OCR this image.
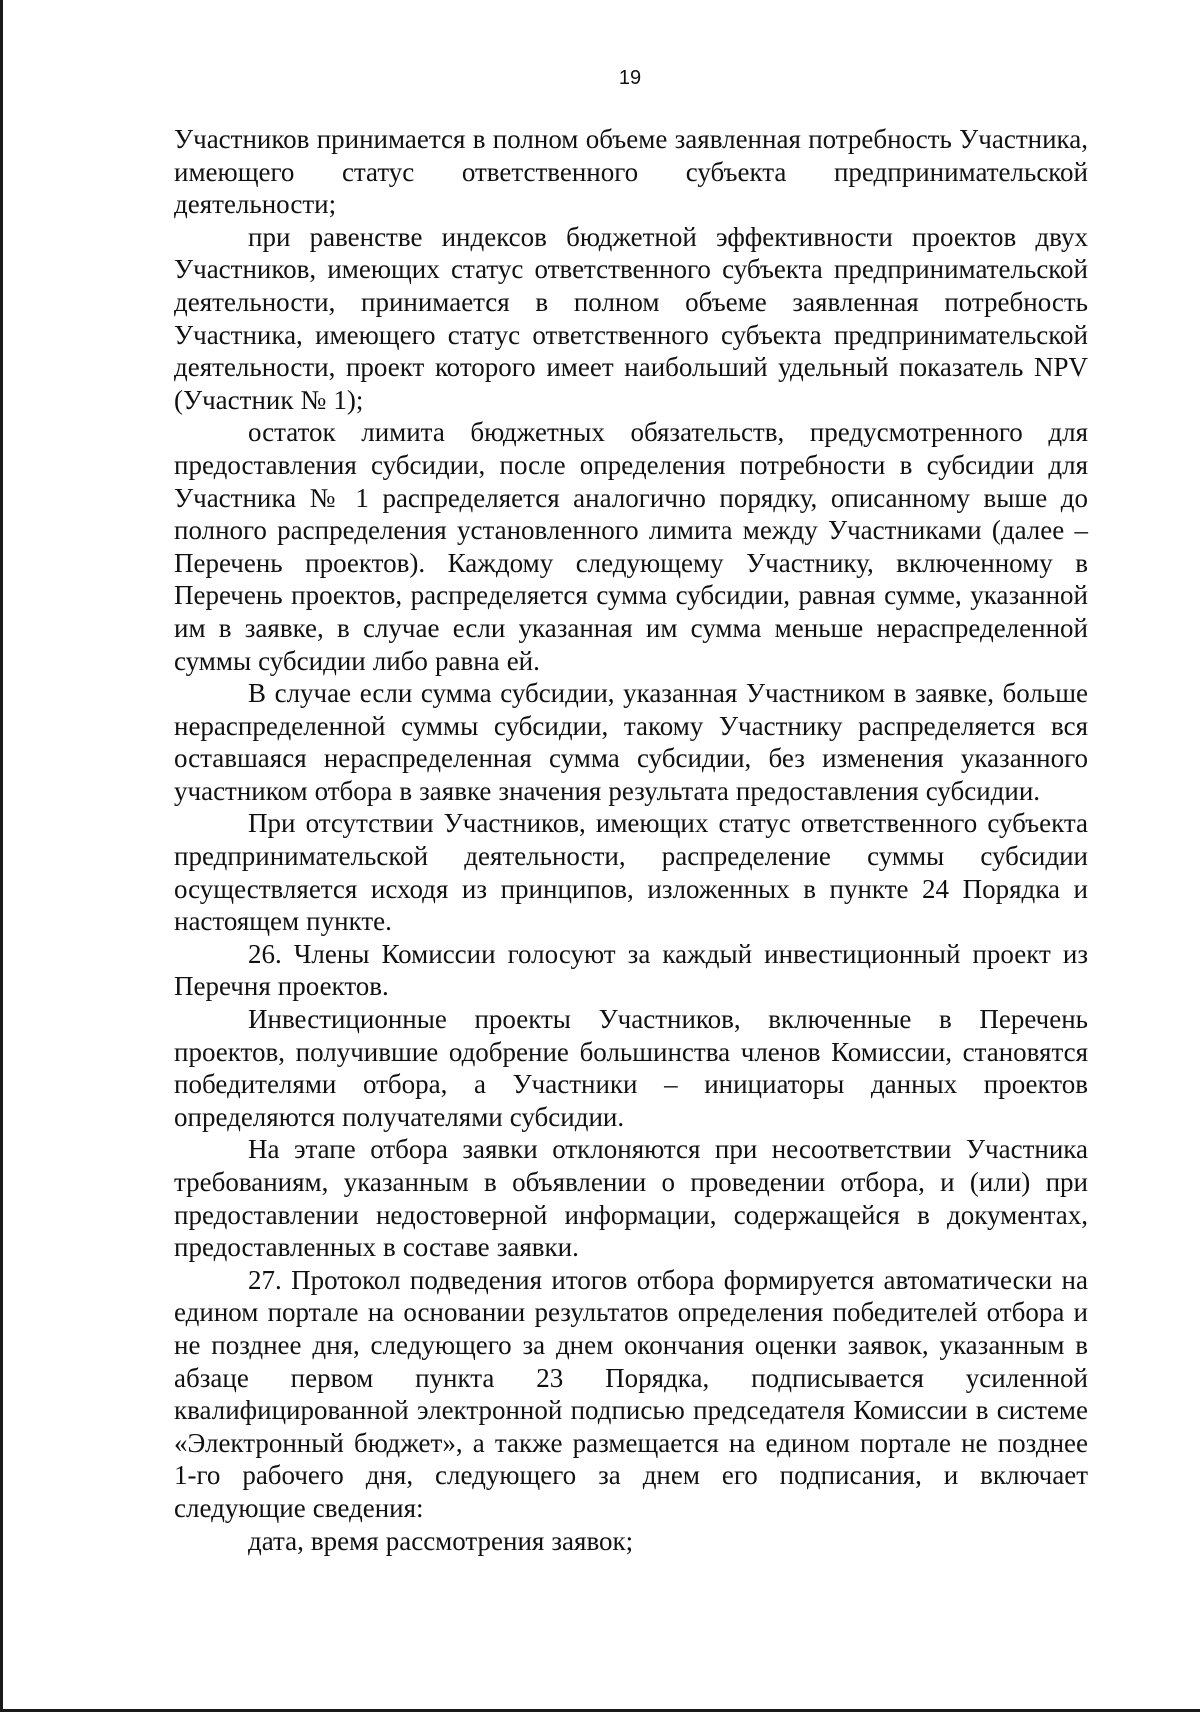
19

Участников принимается в полном объеме заявленная потребность Участника, имеющего статус ответственного субъекта предпринимательской деятельности;

при равенстве индексов бюджетной эффективности проектов двух Участников, имеющих статус ответственного субъекта предпринимательской деятельности, принимается в полном объеме заявленная потребность Участника, имеющего статус ответственного субъекта предпринимательской деятельности, проект которого имеет наибольший удельный показатель NPV (Участник № 1);

остаток лимита бюджетных обязательств, предусмотренного для предоставления субсидии, после определения потребности в субсидии для Участника № 1 распределяется аналогично порядку, описанному выше до полного распределения установленного лимита между Участниками (далее – Перечень проектов). Каждому следующему Участнику, включенному в Перечень проектов, распределяется сумма субсидии, равная сумме, указанной им в заявке, в случае если указанная им сумма меньше нераспределенной суммы субсидии либо равна ей.

В случае если сумма субсидии, указанная Участником в заявке, больше нераспределенной суммы субсидии, такому Участнику распределяется вся оставшаяся нераспределенная сумма субсидии, без изменения указанного участником отбора в заявке значения результата предоставления субсидии.

При отсутствии Участников, имеющих статус ответственного субъекта предпринимательской деятельности, распределение суммы субсидии осуществляется исходя из принципов, изложенных в пункте 24 Порядка и настоящем пункте.

26. Члены Комиссии голосуют за каждый инвестиционный проект из Перечня проектов.

Инвестиционные проекты Участников, включенные в Перечень проектов, получившие одобрение большинства членов Комиссии, становятся победителями отбора, а Участники – инициаторы данных проектов определяются получателями субсидии.

На этапе отбора заявки отклоняются при несоответствии Участника требованиям, указанным в объявлении о проведении отбора, и (или) при предоставлении недостоверной информации, содержащейся в документах, предоставленных в составе заявки.

27. Протокол подведения итогов отбора формируется автоматически на едином портале на основании результатов определения победителей отбора и не позднее дня, следующего за днем окончания оценки заявок, указанным в абзаце первом пункта 23 Порядка, подписывается усиленной квалифицированной электронной подписью председателя Комиссии в системе «Электронный бюджет», а также размещается на едином портале не позднее 1-го рабочего дня, следующего за днем его подписания, и включает следующие сведения:

дата, время рассмотрения заявок;
